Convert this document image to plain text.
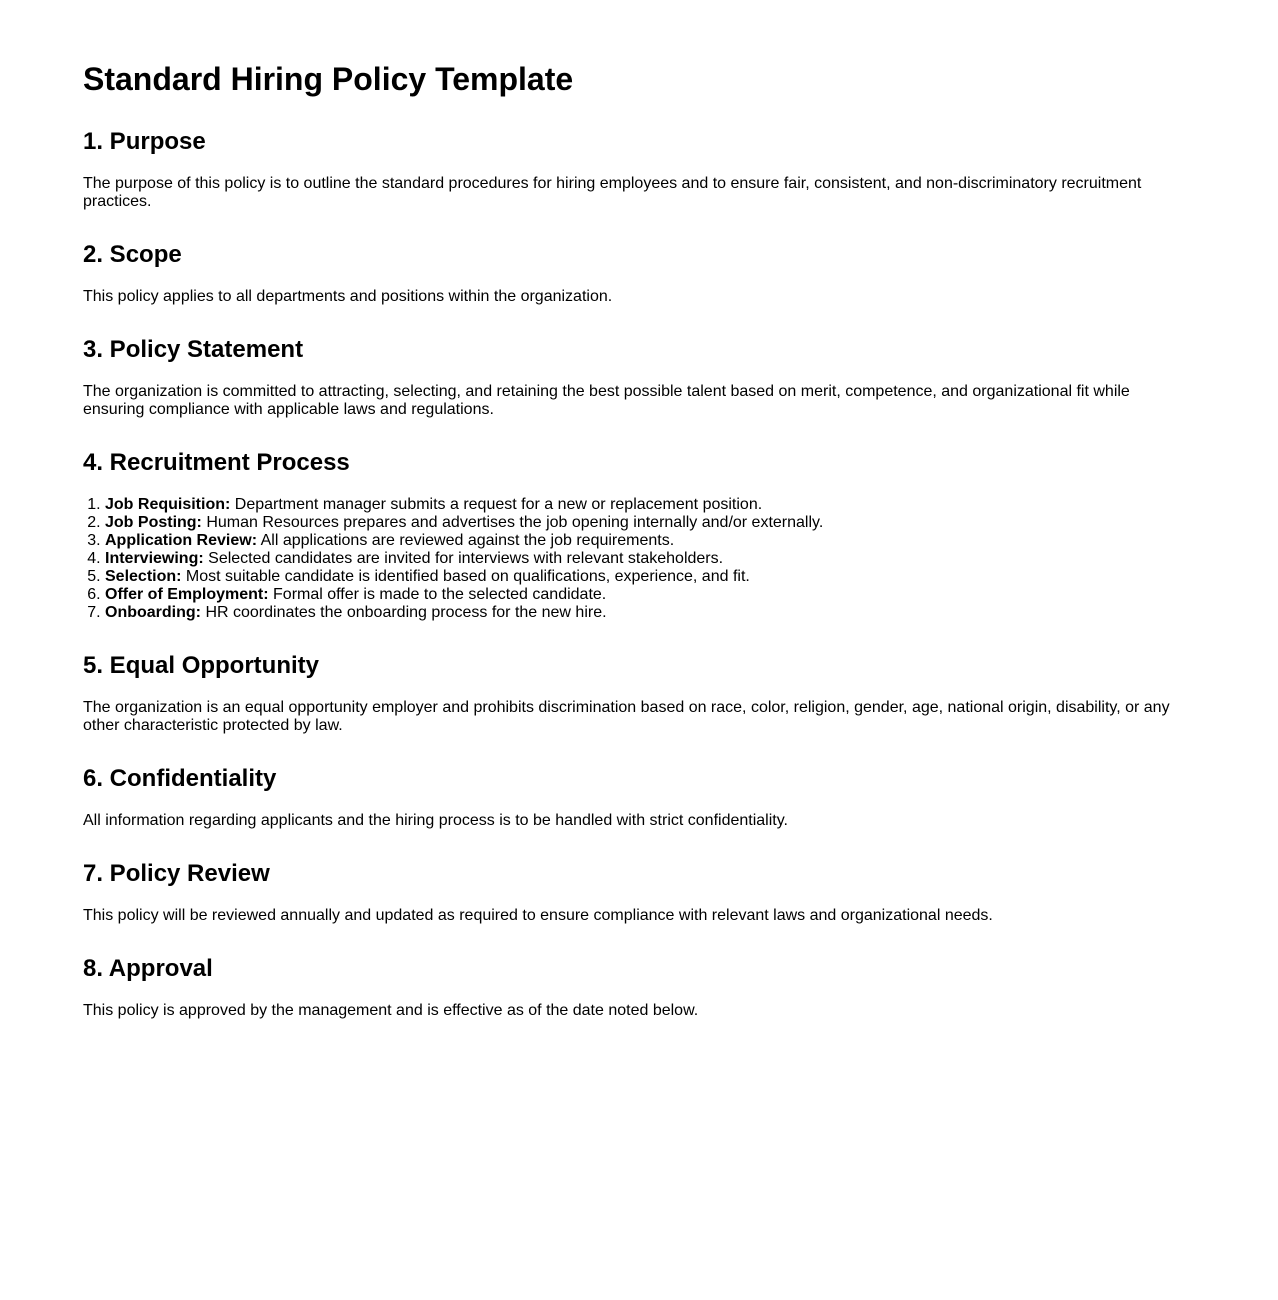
Standard Hiring Policy Template
1. Purpose

The purpose of this policy is to outline the standard procedures for hiring employees and to ensure fair, consistent, and non-discriminatory recruitment practices.

2. Scope

This policy applies to all departments and positions within the organization.

3. Policy Statement

The organization is committed to attracting, selecting, and retaining the best possible talent based on merit, competence, and organizational fit while ensuring compliance with applicable laws and regulations.

4. Recruitment Process
1. Job Requisition: Department manager submits a request for a new or replacement position.
2. Job Posting: Human Resources prepares and advertises the job opening internally and/or externally.
3. Application Review: All applications are reviewed against the job requirements.
4. Interviewing: Selected candidates are invited for interviews with relevant stakeholders.
5. Selection: Most suitable candidate is identified based on qualifications, experience, and fit.
6. Offer of Employment: Formal offer is made to the selected candidate.
7. Onboarding: HR coordinates the onboarding process for the new hire.
5. Equal Opportunity

The organization is an equal opportunity employer and prohibits discrimination based on race, color, religion, gender, age, national origin, disability, or any other characteristic protected by law.

6. Confidentiality

All information regarding applicants and the hiring process is to be handled with strict confidentiality.

7. Policy Review

This policy will be reviewed annually and updated as required to ensure compliance with relevant laws and organizational needs.

8. Approval

This policy is approved by the management and is effective as of the date noted below.
